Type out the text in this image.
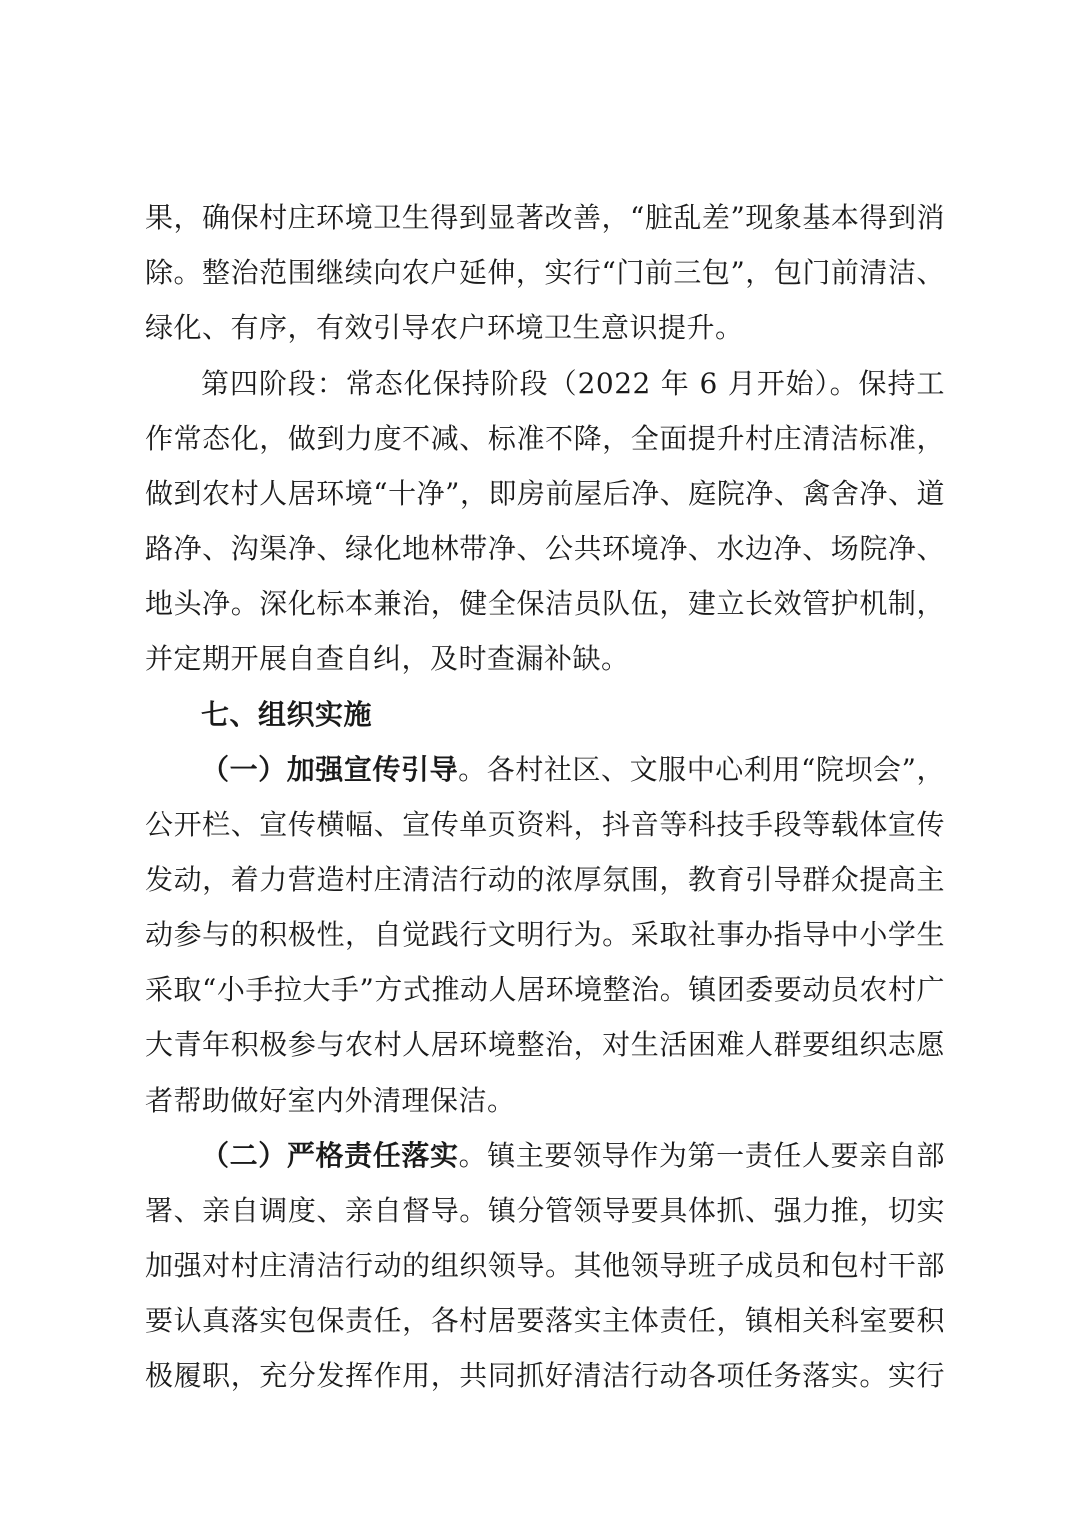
果，确保村庄环境卫生得到显著改善，“脏乱差”现象基本得到消
除。整治范围继续向农户延伸，实行“门前三包”，包门前清洁、
绿化、有序，有效引导农户环境卫生意识提升。
第四阶段：常态化保持阶段（2022 年 6 月开始）。保持工
作常态化，做到力度不减、标准不降，全面提升村庄清洁标准，
做到农村人居环境“十净”，即房前屋后净、庭院净、禽舍净、道
路净、沟渠净、绿化地林带净、公共环境净、水边净、场院净、
地头净。深化标本兼治，健全保洁员队伍，建立长效管护机制，
并定期开展自查自纠，及时查漏补缺。
七、组织实施
（一）加强宣传引导。各村社区、文服中心利用“院坝会”，
公开栏、宣传横幅、宣传单页资料，抖音等科技手段等载体宣传
发动，着力营造村庄清洁行动的浓厚氛围，教育引导群众提高主
动参与的积极性，自觉践行文明行为。采取社事办指导中小学生
采取“小手拉大手”方式推动人居环境整治。镇团委要动员农村广
大青年积极参与农村人居环境整治，对生活困难人群要组织志愿
者帮助做好室内外清理保洁。
（二）严格责任落实。镇主要领导作为第一责任人要亲自部
署、亲自调度、亲自督导。镇分管领导要具体抓、强力推，切实
加强对村庄清洁行动的组织领导。其他领导班子成员和包村干部
要认真落实包保责任，各村居要落实主体责任，镇相关科室要积
极履职，充分发挥作用，共同抓好清洁行动各项任务落实。实行
